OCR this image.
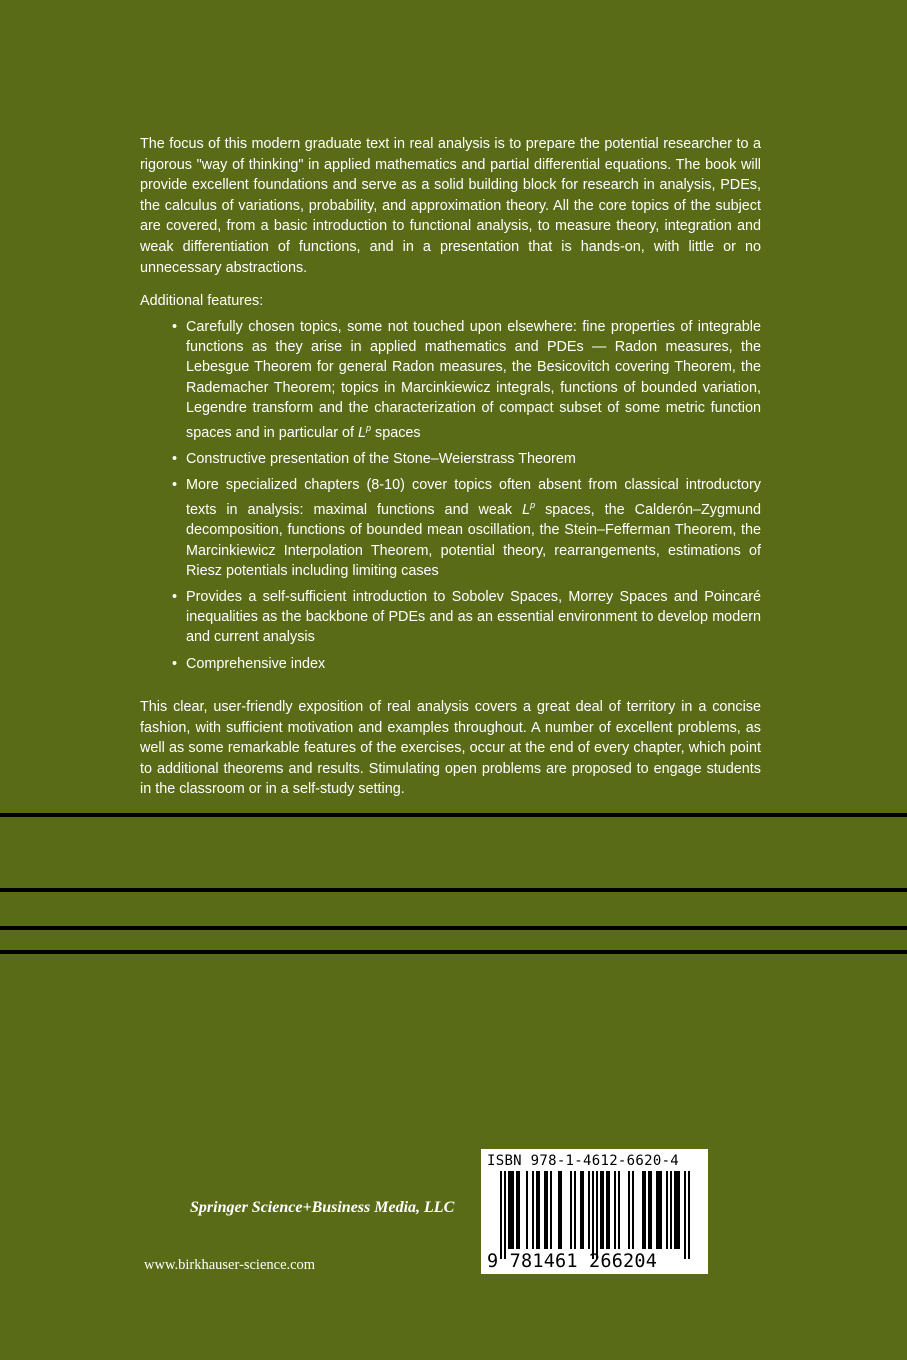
The focus of this modern graduate text in real analysis is to prepare the potential researcher to a rigorous "way of thinking" in applied mathematics and partial differential equations. The book will provide excellent foundations and serve as a solid building block for research in analysis, PDEs, the calculus of variations, probability, and approximation theory. All the core topics of the subject are covered, from a basic introduction to functional analysis, to measure theory, integration and weak differentiation of functions, and in a presentation that is hands-on, with little or no unnecessary abstractions.

Additional features:

• Carefully chosen topics, some not touched upon elsewhere: fine properties of integrable functions as they arise in applied mathematics and PDEs — Radon measures, the Lebesgue Theorem for general Radon measures, the Besicovitch covering Theorem, the Rademacher Theorem; topics in Marcinkiewicz integrals, functions of bounded variation, Legendre transform and the characterization of compact subset of some metric function spaces and in particular of $L^p$ spaces
• Constructive presentation of the Stone–Weierstrass Theorem
• More specialized chapters (8-10) cover topics often absent from classical introductory texts in analysis: maximal functions and weak $L^p$ spaces, the Calderón–Zygmund decomposition, functions of bounded mean oscillation, the Stein–Fefferman Theorem, the Marcinkiewicz Interpolation Theorem, potential theory, rearrangements, estimations of Riesz potentials including limiting cases
• Provides a self-sufficient introduction to Sobolev Spaces, Morrey Spaces and Poincaré inequalities as the backbone of PDEs and as an essential environment to develop modern and current analysis
• Comprehensive index

This clear, user-friendly exposition of real analysis covers a great deal of territory in a concise fashion, with sufficient motivation and examples throughout. A number of excellent problems, as well as some remarkable features of the exercises, occur at the end of every chapter, which point to additional theorems and results. Stimulating open problems are proposed to engage students in the classroom or in a self-study setting.

Springer Science+Business Media, LLC
www.birkhauser-science.com
ISBN 978-1-4612-6620-4
9 781461 266204
